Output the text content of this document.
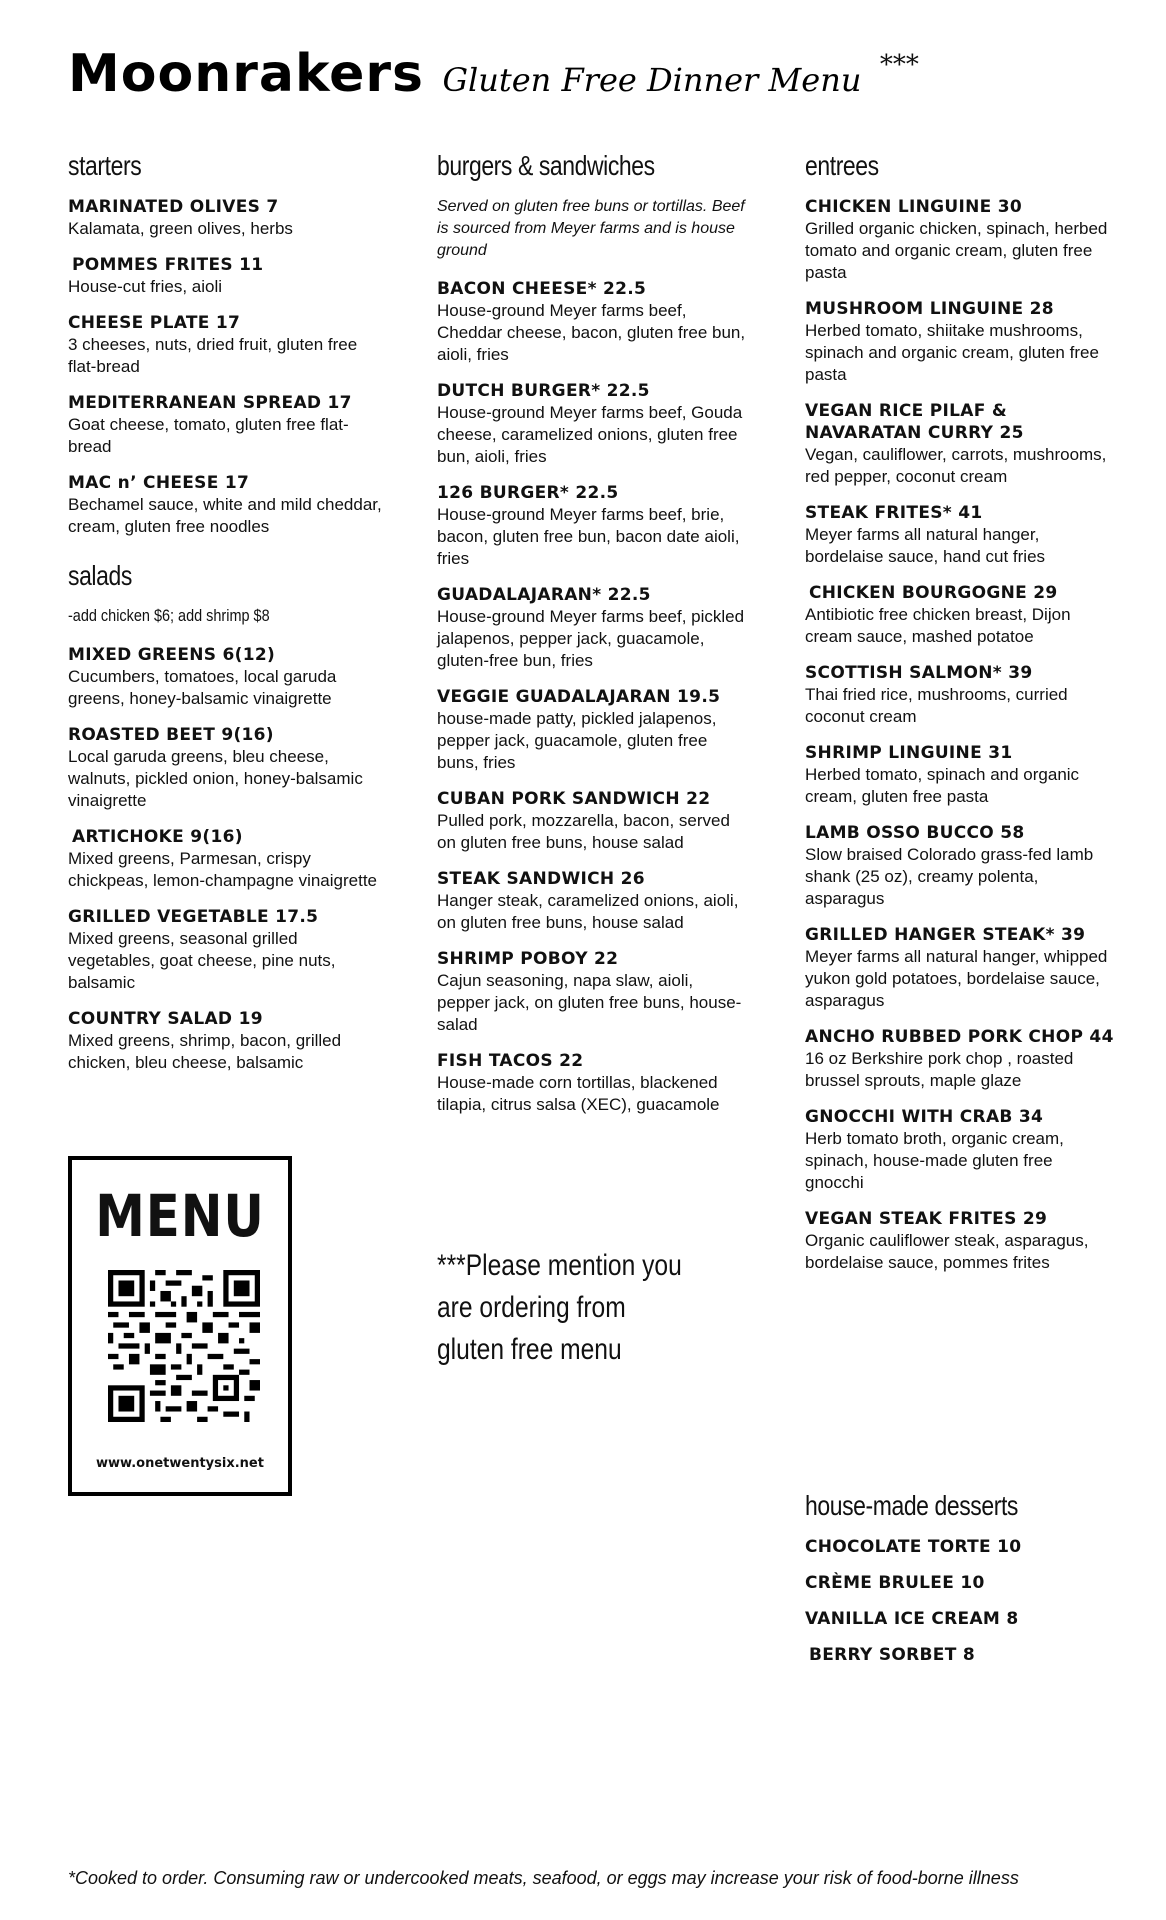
Moonrakers Gluten Free Dinner Menu ***
starters
MARINATED OLIVES 7
Kalamata, green olives, herbs
POMMES FRITES 11
House-cut fries, aioli
CHEESE PLATE 17
3 cheeses, nuts, dried fruit, gluten free flat-bread
MEDITERRANEAN SPREAD 17
Goat cheese, tomato, gluten free flat-bread
MAC n’ CHEESE 17
Bechamel sauce, white and mild cheddar, cream, gluten free noodles
salads
-add chicken $6; add shrimp $8
MIXED GREENS 6(12)
Cucumbers, tomatoes, local garuda greens, honey-balsamic vinaigrette
ROASTED BEET 9(16)
Local garuda greens, bleu cheese, walnuts, pickled onion, honey-balsamic vinaigrette
ARTICHOKE 9(16)
Mixed greens, Parmesan, crispy chickpeas, lemon-champagne vinaigrette
GRILLED VEGETABLE 17.5
Mixed greens, seasonal grilled vegetables, goat cheese, pine nuts, balsamic
COUNTRY SALAD 19
Mixed greens, shrimp, bacon, grilled chicken, bleu cheese, balsamic
MENU
www.onetwentysix.net
burgers & sandwiches
Served on gluten free buns or tortillas. Beef is sourced from Meyer farms and is house ground
BACON CHEESE* 22.5
House-ground Meyer farms beef, Cheddar cheese, bacon, gluten free bun, aioli, fries
DUTCH BURGER* 22.5
House-ground Meyer farms beef, Gouda cheese, caramelized onions, gluten free bun, aioli, fries
126 BURGER* 22.5
House-ground Meyer farms beef, brie, bacon, gluten free bun, bacon date aioli, fries
GUADALAJARAN* 22.5
House-ground Meyer farms beef, pickled jalapenos, pepper jack, guacamole, gluten-free bun, fries
VEGGIE GUADALAJARAN 19.5
house-made patty, pickled jalapenos, pepper jack, guacamole, gluten free buns, fries
CUBAN PORK SANDWICH 22
Pulled pork, mozzarella, bacon, served on gluten free buns, house salad
STEAK SANDWICH 26
Hanger steak, caramelized onions, aioli, on gluten free buns, house salad
SHRIMP POBOY 22
Cajun seasoning, napa slaw, aioli, pepper jack, on gluten free buns, house-salad
FISH TACOS 22
House-made corn tortillas, blackened tilapia, citrus salsa (XEC), guacamole
***Please mention you are ordering from gluten free menu
entrees
CHICKEN LINGUINE 30
Grilled organic chicken, spinach, herbed tomato and organic cream, gluten free pasta
MUSHROOM LINGUINE 28
Herbed tomato, shiitake mushrooms, spinach and organic cream, gluten free pasta
VEGAN RICE PILAF & NAVARATAN CURRY 25
Vegan, cauliflower, carrots, mushrooms, red pepper, coconut cream
STEAK FRITES* 41
Meyer farms all natural hanger, bordelaise sauce, hand cut fries
CHICKEN BOURGOGNE 29
Antibiotic free chicken breast, Dijon cream sauce, mashed potatoe
SCOTTISH SALMON* 39
Thai fried rice, mushrooms, curried coconut cream
SHRIMP LINGUINE 31
Herbed tomato, spinach and organic cream, gluten free pasta
LAMB OSSO BUCCO 58
Slow braised Colorado grass-fed lamb shank (25 oz), creamy polenta, asparagus
GRILLED HANGER STEAK* 39
Meyer farms all natural hanger, whipped yukon gold potatoes, bordelaise sauce, asparagus
ANCHO RUBBED PORK CHOP 44
16 oz Berkshire pork chop , roasted brussel sprouts, maple glaze
GNOCCHI WITH CRAB 34
Herb tomato broth, organic cream, spinach, house-made gluten free gnocchi
VEGAN STEAK FRITES 29
Organic cauliflower steak, asparagus, bordelaise sauce, pommes frites
house-made desserts
CHOCOLATE TORTE 10
CRÈME BRULEE 10
VANILLA ICE CREAM 8
BERRY SORBET 8
*Cooked to order. Consuming raw or undercooked meats, seafood, or eggs may increase your risk of food-borne illness
